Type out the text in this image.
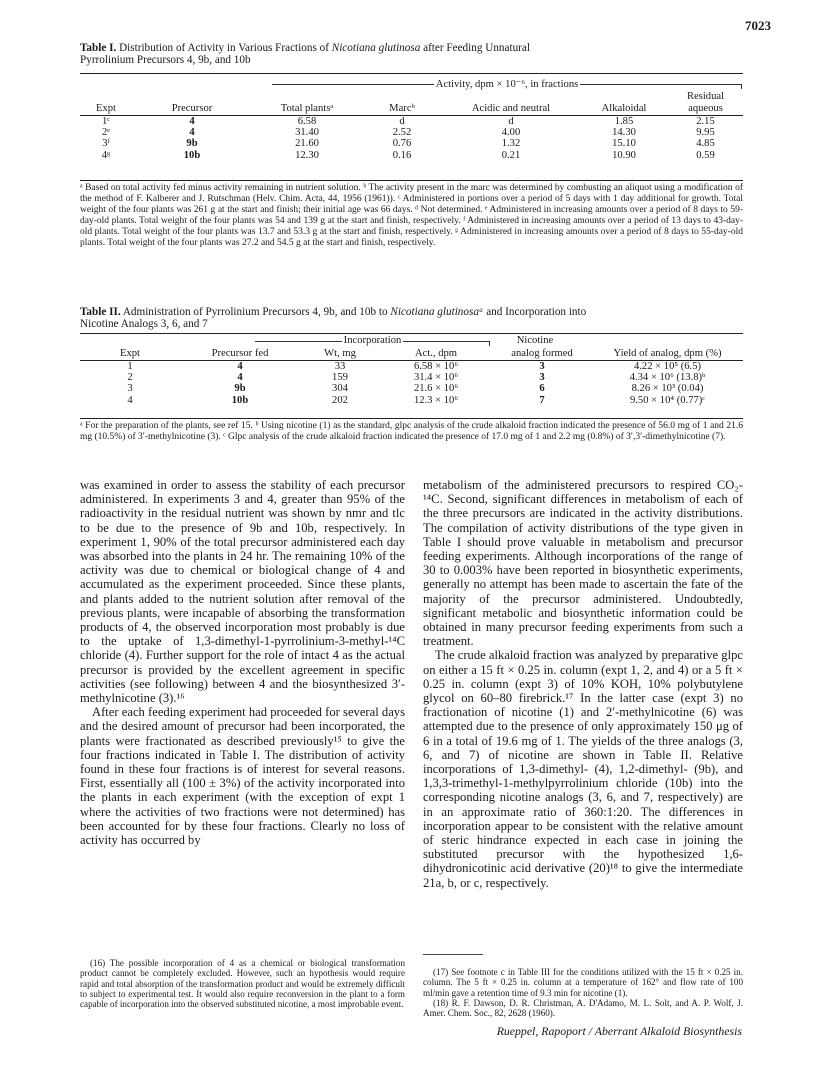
7023
Table I. Distribution of Activity in Various Fractions of Nicotiana glutinosa after Feeding Unnatural
Pyrrolinium Precursors 4, 9b, and 10b
Activity, dpm × 10⁻⁶, in fractions
						Residual
Expt	Precursor	Total plantsᵃ	Marcᵇ	Acidic and neutral	Alkaloidal	aqueous
1ᶜ	4	6.58	d	d	1.85	2.15
2ᵉ	4	31.40	2.52	4.00	14.30	9.95
3ᶠ	9b	21.60	0.76	1.32	15.10	4.85
4ᵍ	10b	12.30	0.16	0.21	10.90	0.59
ᵃ Based on total activity fed minus activity remaining in nutrient solution. ᵇ The activity present in the marc was determined by combusting an aliquot using a modification of the method of F. Kalberer and J. Rutschman (Helv. Chim. Acta, 44, 1956 (1961)). ᶜ Administered in portions over a period of 5 days with 1 day additional for growth. Total weight of the four plants was 261 g at the start and finish; their initial age was 66 days. ᵈ Not determined. ᵉ Administered in increasing amounts over a period of 8 days to 59-day-old plants. Total weight of the four plants was 54 and 139 g at the start and finish, respectively. ᶠ Administered in increasing amounts over a period of 13 days to 43-day-old plants. Total weight of the four plants was 13.7 and 53.3 g at the start and finish, respectively. ᵍ Administered in increasing amounts over a period of 8 days to 55-day-old plants. Total weight of the four plants was 27.2 and 54.5 g at the start and finish, respectively.
Table II. Administration of Pyrrolinium Precursors 4, 9b, and 10b to Nicotiana glutinosaᵃ and Incorporation into
Nicotine Analogs 3, 6, and 7
Incorporation	Nicotine
Expt	Precursor fed	Wt, mg	Act., dpm	analog formed	Yield of analog, dpm (%)
1	4	33	6.58 × 10⁶	3	4.22 × 10⁵ (6.5)
2	4	159	31.4 × 10⁶	3	4.34 × 10⁶ (13.8)ᵇ
3	9b	304	21.6 × 10⁶	6	8.26 × 10³ (0.04)
4	10b	202	12.3 × 10⁶	7	9.50 × 10⁴ (0.77)ᶜ
ᵃ For the preparation of the plants, see ref 15. ᵇ Using nicotine (1) as the standard, glpc analysis of the crude alkaloid fraction indicated the presence of 56.0 mg of 1 and 21.6 mg (10.5%) of 3′-methylnicotine (3). ᶜ Glpc analysis of the crude alkaloid fraction indicated the presence of 17.0 mg of 1 and 2.2 mg (0.8%) of 3′,3′-dimethylnicotine (7).

was examined in order to assess the stability of each precursor administered. In experiments 3 and 4, greater than 95% of the radioactivity in the residual nutrient was shown by nmr and tlc to be due to the presence of 9b and 10b, respectively. In experiment 1, 90% of the total precursor administered each day was absorbed into the plants in 24 hr. The remaining 10% of the activity was due to chemical or biological change of 4 and accumulated as the experiment proceeded. Since these plants, and plants added to the nutrient solution after removal of the previous plants, were incapable of absorbing the transformation products of 4, the observed incorporation most probably is due to the uptake of 1,3-dimethyl-1-pyrrolinium-3-methyl-¹⁴C chloride (4). Further support for the role of intact 4 as the actual precursor is provided by the excellent agreement in specific activities (see following) between 4 and the biosynthesized 3′-methylnicotine (3).¹⁶

After each feeding experiment had proceeded for several days and the desired amount of precursor had been incorporated, the plants were fractionated as described previously¹⁵ to give the four fractions indicated in Table I. The distribution of activity found in these four fractions is of interest for several reasons. First, essentially all (100 ± 3%) of the activity incorporated into the plants in each experiment (with the exception of expt 1 where the activities of two fractions were not determined) has been accounted for by these four fractions. Clearly no loss of activity has occurred by

metabolism of the administered precursors to respired CO₂-¹⁴C. Second, significant differences in metabolism of each of the three precursors are indicated in the activity distributions. The compilation of activity distributions of the type given in Table I should prove valuable in metabolism and precursor feeding experiments. Although incorporations of the range of 30 to 0.003% have been reported in biosynthetic experiments, generally no attempt has been made to ascertain the fate of the majority of the precursor administered. Undoubtedly, significant metabolic and biosynthetic information could be obtained in many precursor feeding experiments from such a treatment.

The crude alkaloid fraction was analyzed by preparative glpc on either a 15 ft × 0.25 in. column (expt 1, 2, and 4) or a 5 ft × 0.25 in. column (expt 3) of 10% KOH, 10% polybutylene glycol on 60–80 firebrick.¹⁷ In the latter case (expt 3) no fractionation of nicotine (1) and 2′-methylnicotine (6) was attempted due to the presence of only approximately 150 μg of 6 in a total of 19.6 mg of 1. The yields of the three analogs (3, 6, and 7) of nicotine are shown in Table II. Relative incorporations of 1,3-dimethyl- (4), 1,2-dimethyl- (9b), and 1,3,3-trimethyl-1-methylpyrrolinium chloride (10b) into the corresponding nicotine analogs (3, 6, and 7, respectively) are in an approximate ratio of 360:1:20. The differences in incorporation appear to be consistent with the relative amount of steric hindrance expected in each case in joining the substituted precursor with the hypothesized 1,6-dihydronicotinic acid derivative (20)¹⁸ to give the intermediate 21a, b, or c, respectively.

(16) The possible incorporation of 4 as a chemical or biological transformation product cannot be completely excluded. However, such an hypothesis would require rapid and total absorption of the transformation product and would be extremely difficult to subject to experimental test. It would also require reconversion in the plant to a form capable of incorporation into the observed substituted nicotine, a most improbable event.
(17) See footnote c in Table III for the conditions utilized with the 15 ft × 0.25 in. column. The 5 ft × 0.25 in. column at a temperature of 162° and flow rate of 100 ml/min gave a retention time of 9.3 min for nicotine (1).
(18) R. F. Dawson, D. R. Christman, A. D'Adamo, M. L. Solt, and A. P. Wolf, J. Amer. Chem. Soc., 82, 2628 (1960).
Rueppel, Rapoport / Aberrant Alkaloid Biosynthesis
